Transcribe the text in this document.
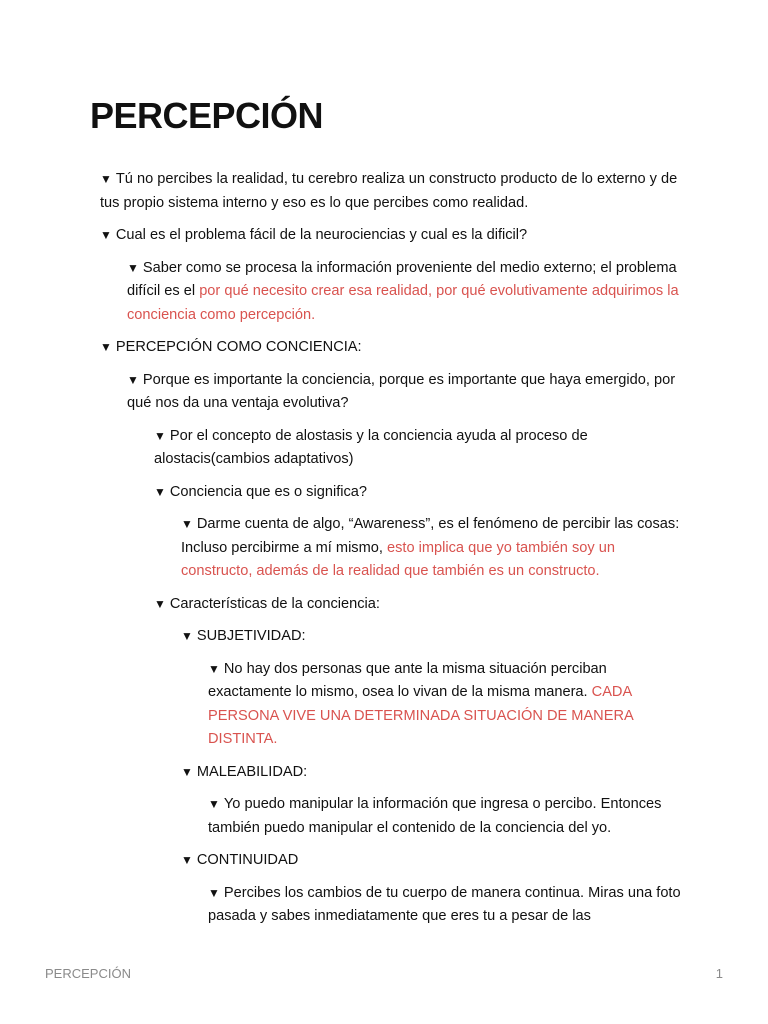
PERCEPCIÓN

▼ Tú no percibes la realidad, tu cerebro realiza un constructo producto de lo externo y de tus propio sistema interno y eso es lo que percibes como realidad.

▼ Cual es el problema fácil de la neurociencias y cual es la dificil?

▼ Saber como se procesa la información proveniente del medio externo; el problema difícil es el por qué necesito crear esa realidad, por qué evolutivamente adquirimos la conciencia como percepción.

▼ PERCEPCIÓN COMO CONCIENCIA:

▼ Porque es importante la conciencia, porque es importante que haya emergido, por qué nos da una ventaja evolutiva?

▼ Por el concepto de alostasis y la conciencia ayuda al proceso de alostacis(cambios adaptativos)

▼ Conciencia que es o significa?

▼ Darme cuenta de algo, “Awareness”, es el fenómeno de percibir las cosas: Incluso percibirme a mí mismo, esto implica que yo también soy un constructo, además de la realidad que también es un constructo.

▼ Características de la conciencia:

▼ SUBJETIVIDAD:

▼ No hay dos personas que ante la misma situación perciban exactamente lo mismo, osea lo vivan de la misma manera. CADA PERSONA VIVE UNA DETERMINADA SITUACIÓN DE MANERA DISTINTA.

▼ MALEABILIDAD:

▼ Yo puedo manipular la información que ingresa o percibo. Entonces también puedo manipular el contenido de la conciencia del yo.

▼ CONTINUIDAD

▼ Percibes los cambios de tu cuerpo de manera continua. Miras una foto pasada y sabes inmediatamente que eres tu a pesar de las

PERCEPCIÓN	1
